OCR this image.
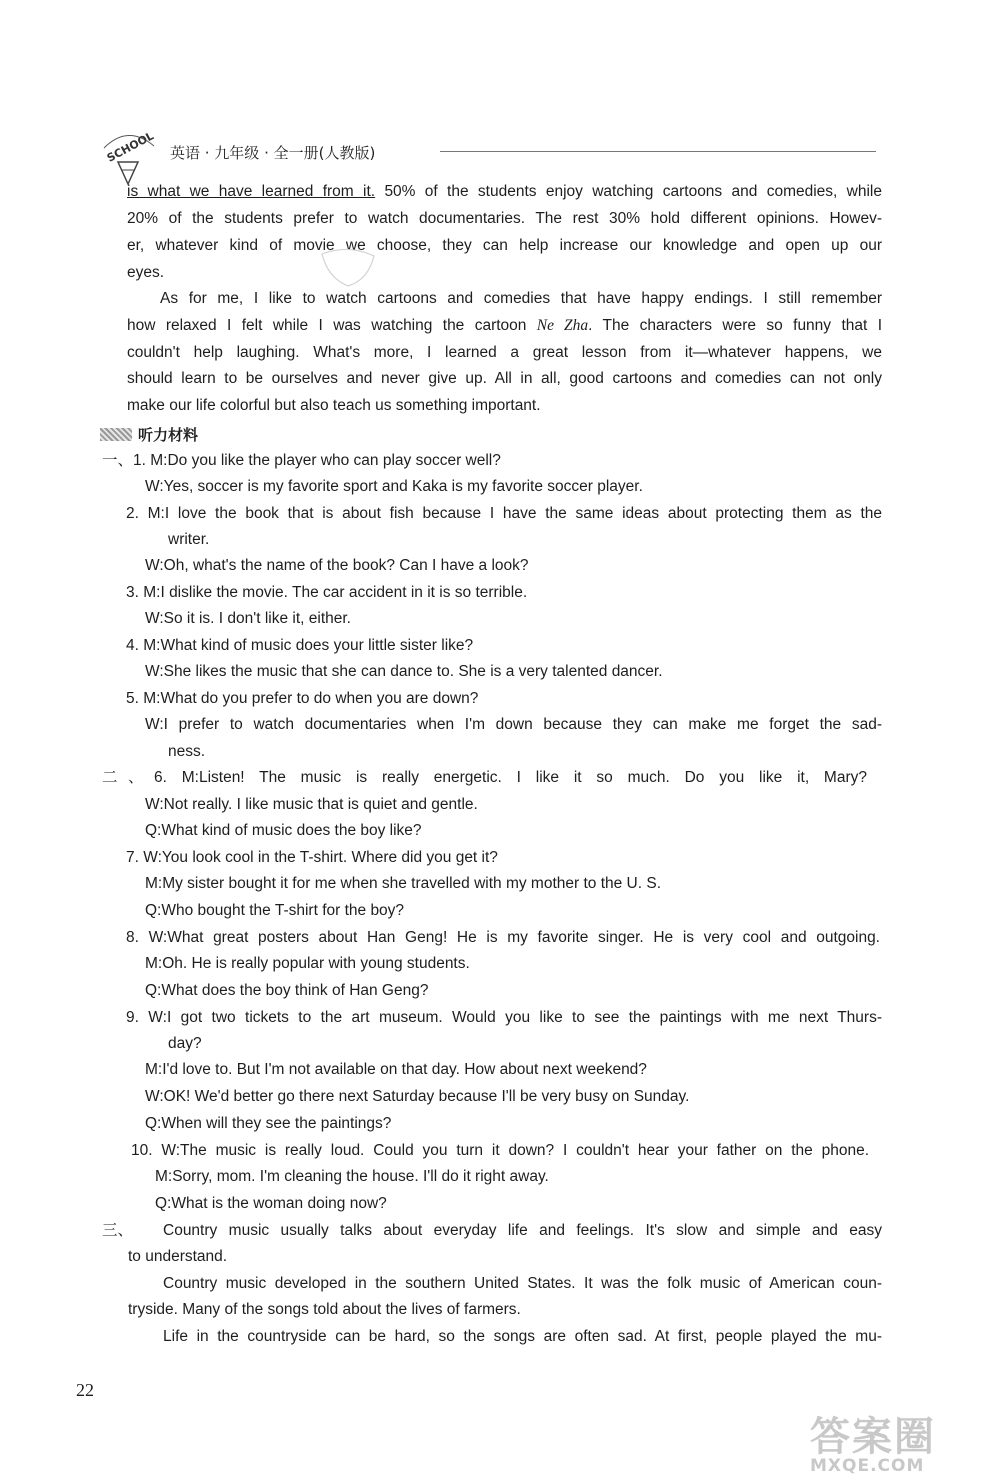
SCHOOL 英语 · 九年级 · 全一册(人教版)
is what we have learned from it. 50% of the students enjoy watching cartoons and comedies, while
20% of the students prefer to watch documentaries. The rest 30% hold different opinions. Howev-
er, whatever kind of movie we choose, they can help increase our knowledge and open up our
eyes.
As for me, I like to watch cartoons and comedies that have happy endings. I still remember
how relaxed I felt while I was watching the cartoon Ne Zha. The characters were so funny that I
couldn't help laughing. What's more, I learned a great lesson from it—whatever happens, we
should learn to be ourselves and never give up. All in all, good cartoons and comedies can not only
make our life colorful but also teach us something important.
听力材料
一、1. M:Do you like the player who can play soccer well?
W:Yes, soccer is my favorite sport and Kaka is my favorite soccer player.
2. M:I love the book that is about fish because I have the same ideas about protecting them as the
writer.
W:Oh, what's the name of the book? Can I have a look?
3. M:I dislike the movie. The car accident in it is so terrible.
W:So it is. I don't like it, either.
4. M:What kind of music does your little sister like?
W:She likes the music that she can dance to. She is a very talented dancer.
5. M:What do you prefer to do when you are down?
W:I prefer to watch documentaries when I'm down because they can make me forget the sad-
ness.
二、6. M:Listen! The music is really energetic. I like it so much. Do you like it, Mary?
W:Not really. I like music that is quiet and gentle.
Q:What kind of music does the boy like?
7. W:You look cool in the T-shirt. Where did you get it?
M:My sister bought it for me when she travelled with my mother to the U. S.
Q:Who bought the T-shirt for the boy?
8. W:What great posters about Han Geng! He is my favorite singer. He is very cool and outgoing.
M:Oh. He is really popular with young students.
Q:What does the boy think of Han Geng?
9. W:I got two tickets to the art museum. Would you like to see the paintings with me next Thurs-
day?
M:I'd love to. But I'm not available on that day. How about next weekend?
W:OK! We'd better go there next Saturday because I'll be very busy on Sunday.
Q:When will they see the paintings?
10. W:The music is really loud. Could you turn it down? I couldn't hear your father on the phone.
M:Sorry, mom. I'm cleaning the house. I'll do it right away.
Q:What is the woman doing now?
三、 Country music usually talks about everyday life and feelings. It's slow and simple and easy
to understand.
Country music developed in the southern United States. It was the folk music of American coun-
tryside. Many of the songs told about the lives of farmers.
Life in the countryside can be hard, so the songs are often sad. At first, people played the mu-
22
答案圈
MXQE.COM
